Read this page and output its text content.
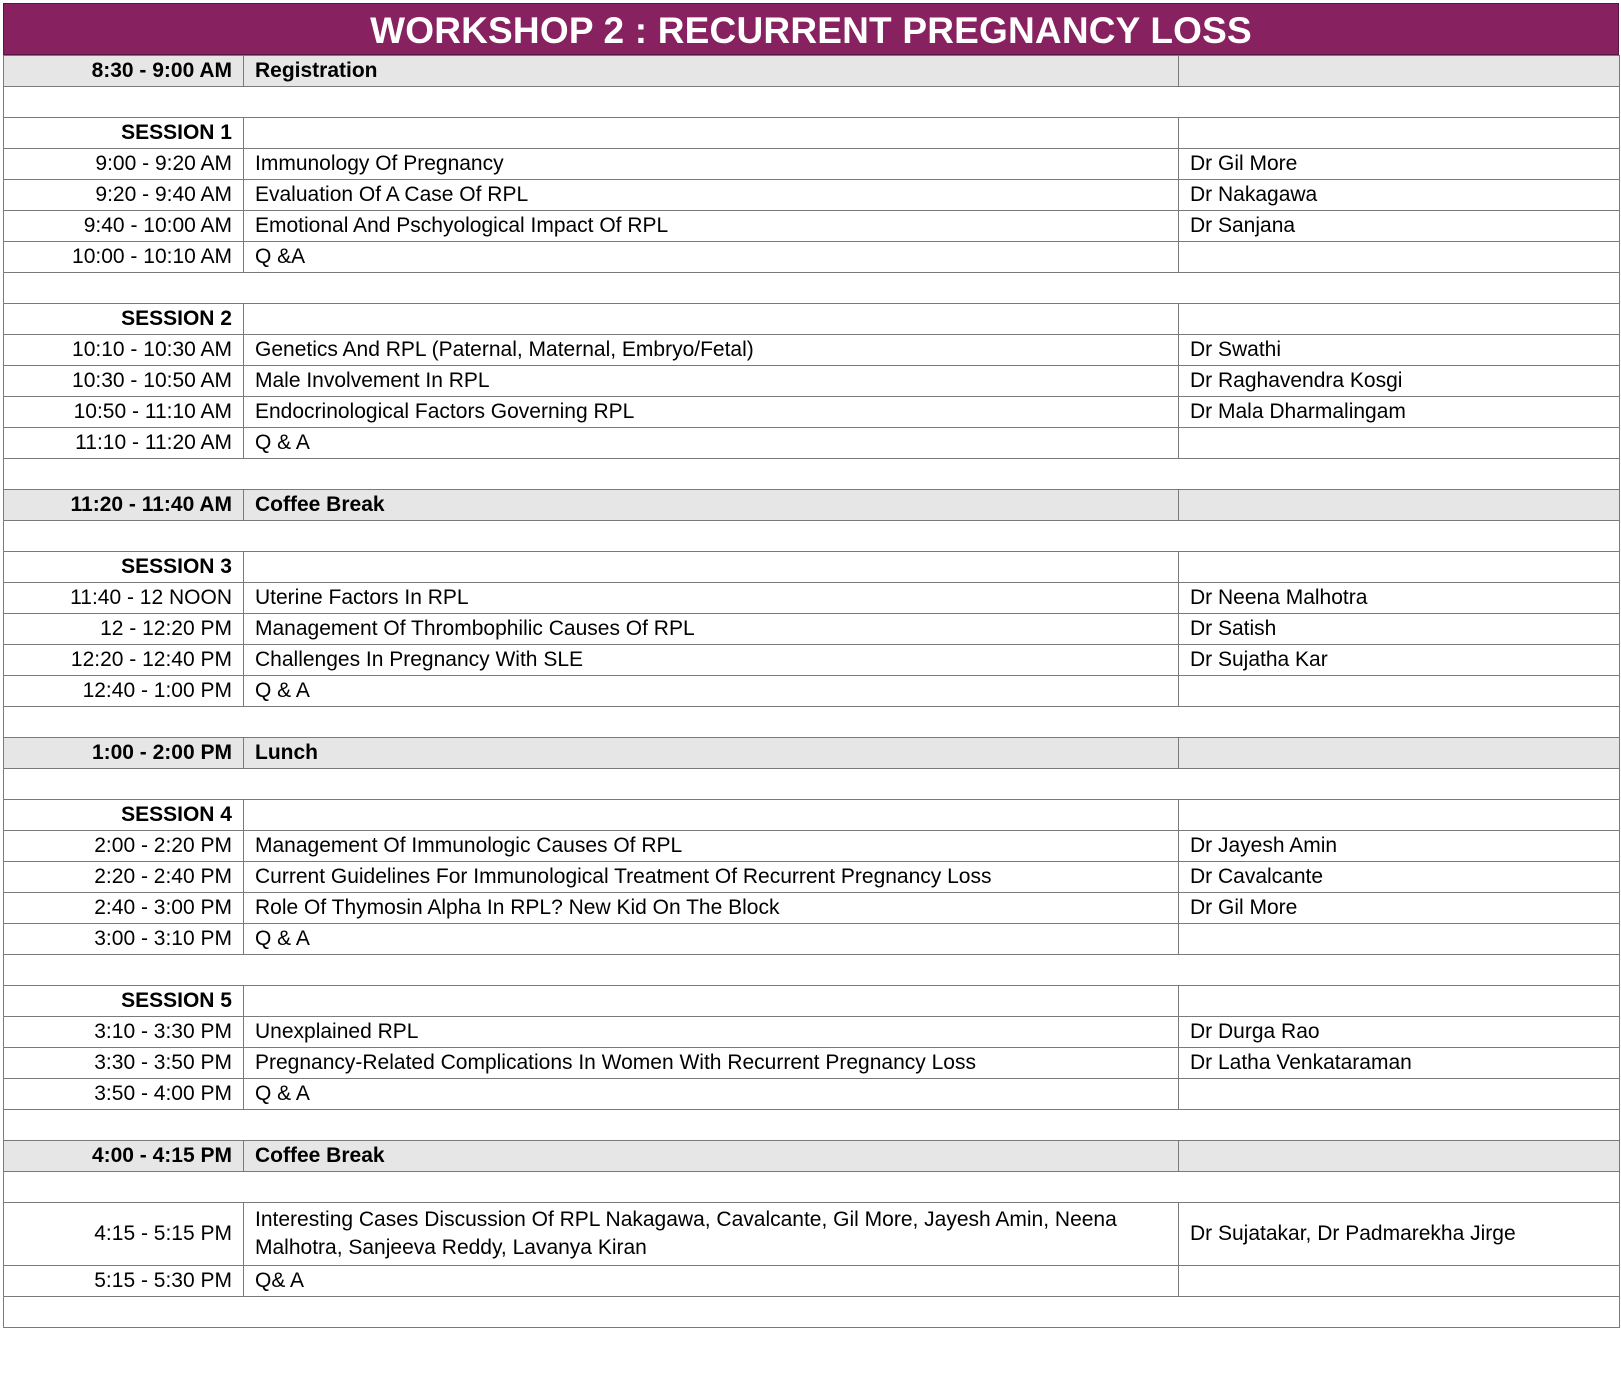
WORKSHOP 2 : RECURRENT PREGNANCY LOSS
8:30 - 9:00 AM	Registration	

SESSION 1		
9:00 - 9:20 AM	Immunology Of Pregnancy	Dr Gil More
9:20 - 9:40 AM	Evaluation Of A Case Of RPL	Dr Nakagawa
9:40 - 10:00 AM	Emotional And Pschyological Impact Of RPL	Dr Sanjana
10:00 - 10:10 AM	Q &A	

SESSION 2		
10:10 - 10:30 AM	Genetics And RPL (Paternal, Maternal, Embryo/Fetal)	Dr Swathi
10:30 - 10:50 AM	Male Involvement In RPL	Dr Raghavendra Kosgi
10:50 - 11:10 AM	Endocrinological Factors Governing RPL	Dr Mala Dharmalingam
11:10 - 11:20 AM	Q & A	

11:20 - 11:40 AM	Coffee Break	

SESSION 3		
11:40 - 12 NOON	Uterine Factors In RPL	Dr Neena Malhotra
12 - 12:20 PM	Management Of Thrombophilic Causes Of RPL	Dr Satish
12:20 - 12:40 PM	Challenges In Pregnancy With SLE	Dr Sujatha Kar
12:40 - 1:00 PM	Q & A	

1:00 - 2:00 PM	Lunch	

SESSION 4		
2:00 - 2:20 PM	Management Of Immunologic Causes Of RPL	Dr Jayesh Amin
2:20 - 2:40 PM	Current Guidelines For Immunological Treatment Of Recurrent Pregnancy Loss	Dr Cavalcante
2:40 - 3:00 PM	Role Of Thymosin Alpha In RPL? New Kid On The Block	Dr Gil More
3:00 - 3:10 PM	Q & A	

SESSION 5		
3:10 - 3:30 PM	Unexplained RPL	Dr Durga Rao
3:30 - 3:50 PM	Pregnancy-Related Complications In Women With Recurrent Pregnancy Loss	Dr Latha Venkataraman
3:50 - 4:00 PM	Q & A	

4:00 - 4:15 PM	Coffee Break	

4:15 - 5:15 PM	Interesting Cases Discussion Of RPL Nakagawa, Cavalcante, Gil More, Jayesh Amin, Neena Malhotra, Sanjeeva Reddy, Lavanya Kiran	Dr Sujatakar, Dr Padmarekha Jirge
5:15 - 5:30 PM	Q& A	
